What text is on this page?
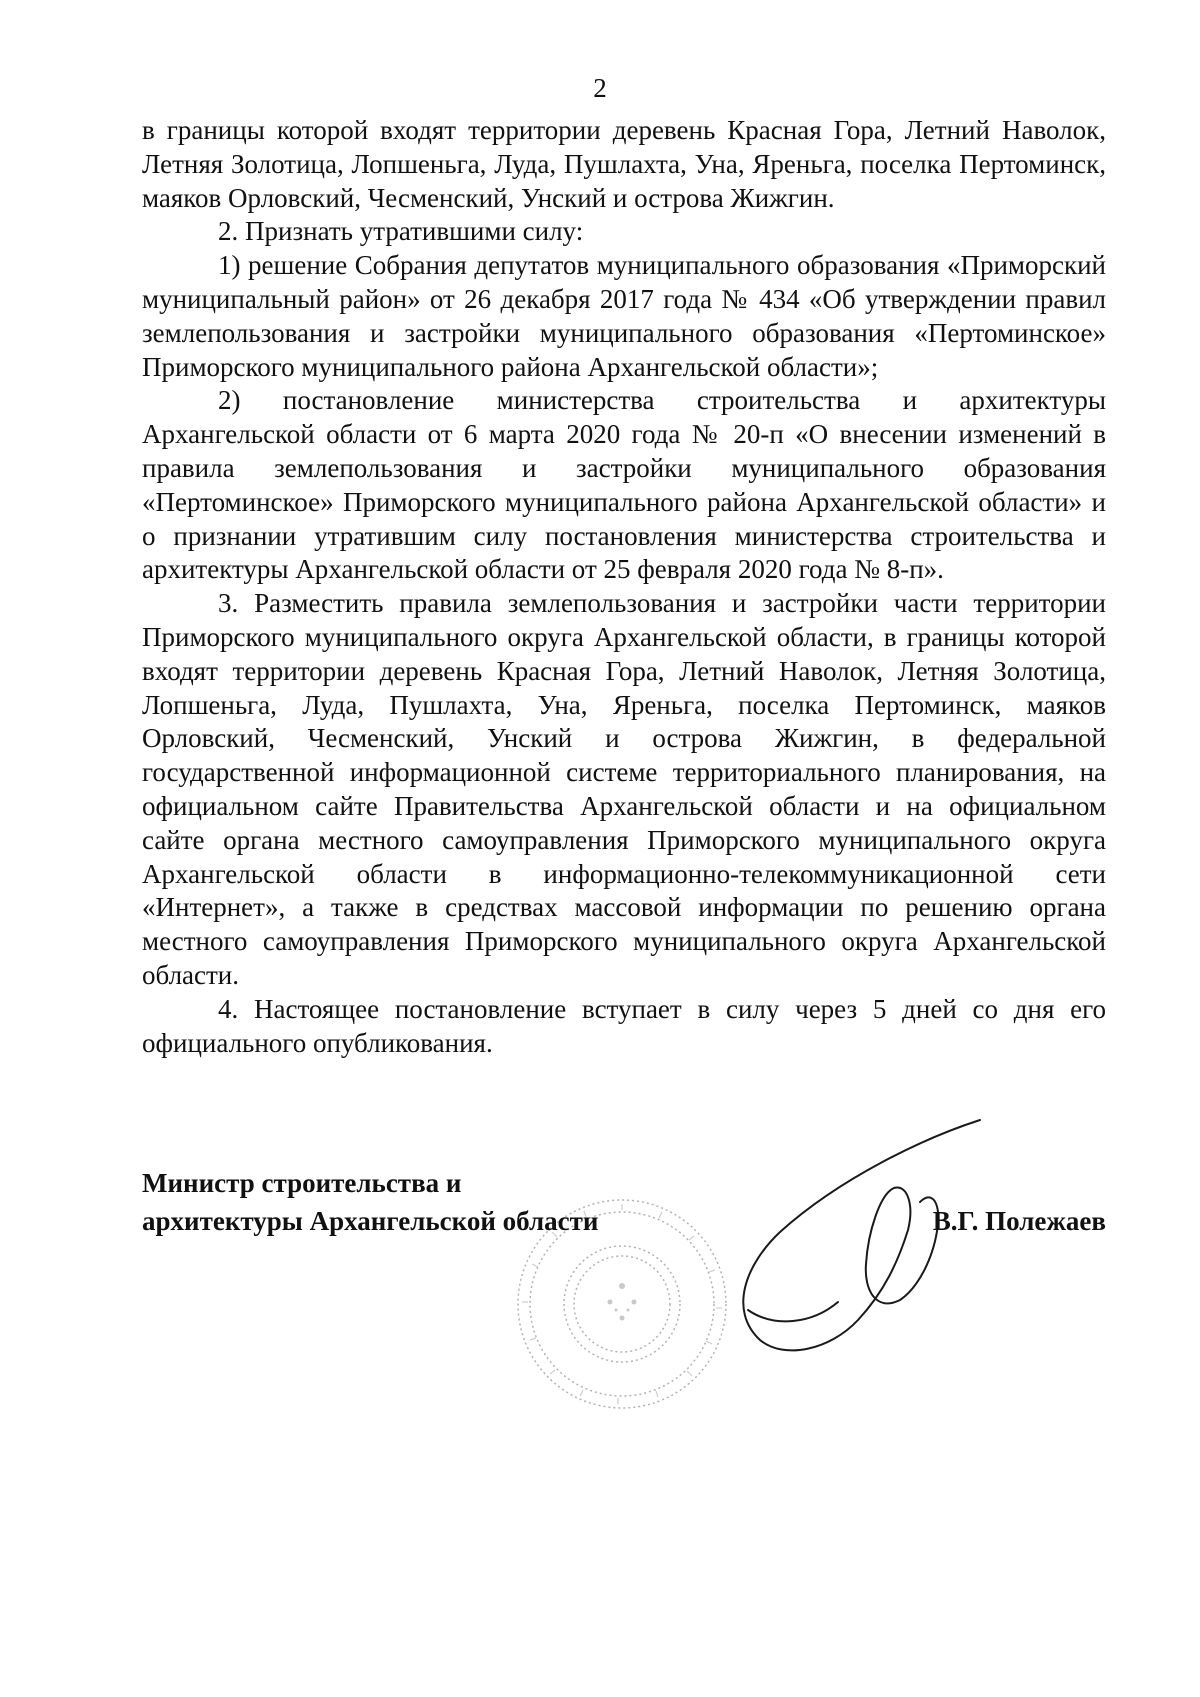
2

в границы которой входят территории деревень Красная Гора, Летний Наволок, Летняя Золотица, Лопшеньга, Луда, Пушлахта, Уна, Яреньга, поселка Пертоминск, маяков Орловский, Чесменский, Унский и острова Жижгин.

2. Признать утратившими силу:

1) решение Собрания депутатов муниципального образования «Приморский муниципальный район» от 26 декабря 2017 года № 434 «Об утверждении правил землепользования и застройки муниципального образования «Пертоминское» Приморского муниципального района Архангельской области»;

2) постановление министерства строительства и архитектуры Архангельской области от 6 марта 2020 года № 20-п «О внесении изменений в правила землепользования и застройки муниципального образования «Пертоминское» Приморского муниципального района Архангельской области» и о признании утратившим силу постановления министерства строительства и архитектуры Архангельской области от 25 февраля 2020 года № 8-п».

3. Разместить правила землепользования и застройки части территории Приморского муниципального округа Архангельской области, в границы которой входят территории деревень Красная Гора, Летний Наволок, Летняя Золотица, Лопшеньга, Луда, Пушлахта, Уна, Яреньга, поселка Пертоминск, маяков Орловский, Чесменский, Унский и острова Жижгин, в федеральной государственной информационной системе территориального планирования, на официальном сайте Правительства Архангельской области и на официальном сайте органа местного самоуправления Приморского муниципального округа Архангельской области в информационно-телекоммуникационной сети «Интернет», а также в средствах массовой информации по решению органа местного самоуправления Приморского муниципального округа Архангельской области.

4. Настоящее постановление вступает в силу через 5 дней со дня его официального опубликования.

Министр строительства и
архитектуры Архангельской области	В.Г. Полежаев
